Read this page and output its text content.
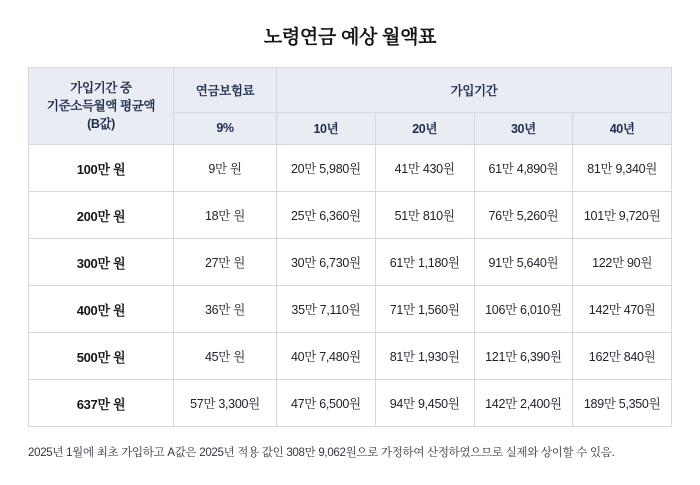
노령연금 예상 월액표
가입기간 중
기준소득월액 평균액
(B값)	연금보험료	가입기간			
	9%	10년	20년	30년	40년
100만 원	9만 원	20만 5,980원	41만 430원	61만 4,890원	81만 9,340원
200만 원	18만 원	25만 6,360원	51만 810원	76만 5,260원	101만 9,720원
300만 원	27만 원	30만 6,730원	61만 1,180원	91만 5,640원	122만 90원
400만 원	36만 원	35만 7,110원	71만 1,560원	106만 6,010원	142만 470원
500만 원	45만 원	40만 7,480원	81만 1,930원	121만 6,390원	162만 840원
637만 원	57만 3,300원	47만 6,500원	94만 9,450원	142만 2,400원	189만 5,350원
2025년 1월에 최초 가입하고 A값은 2025년 적용 값인 308만 9,062원으로 가정하여 산정하였으므로 실제와 상이할 수 있음.
